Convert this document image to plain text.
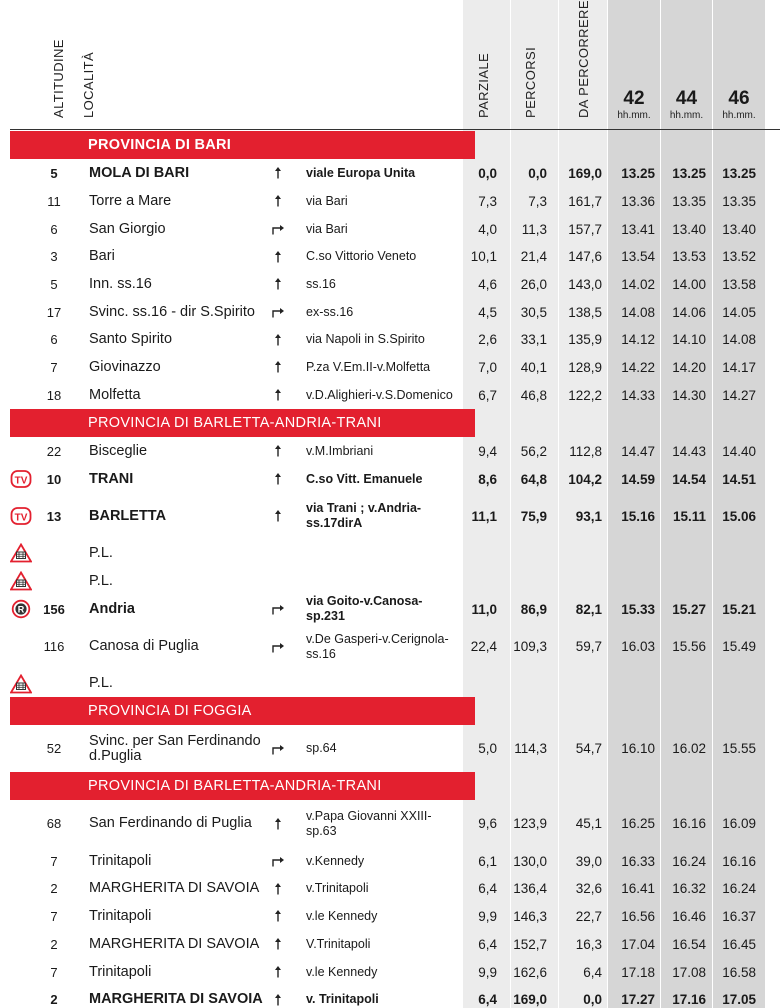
ALTITUDINE LOCALITÀ	PARZIALE PERCORSI	DA PERCORRERE	42
hh.mm.
44
hh.mm.
46
hh.mm.
PROVINCIA DI BARI
5	MOLA DI BARI	viale Europa Unita	0,0	0,0	169,0	13.25	13.25	13.25
11	Torre a Mare	via Bari	7,3	7,3	161,7	13.36	13.35	13.35
6	San Giorgio	via Bari	4,0	11,3	157,7	13.41	13.40	13.40
3	Bari	C.so Vittorio Veneto	10,1	21,4	147,6	13.54	13.53	13.52
5	Inn. ss.16	ss.16	4,6	26,0	143,0	14.02	14.00	13.58
17	Svinc. ss.16 - dir S.Spirito	ex-ss.16	4,5	30,5	138,5	14.08	14.06	14.05
6	Santo Spirito	via Napoli in S.Spirito	2,6	33,1	135,9	14.12	14.10	14.08
7	Giovinazzo	P.za V.Em.II-v.Molfetta	7,0	40,1	128,9	14.22	14.20	14.17
18	Molfetta	v.D.Alighieri-v.S.Domenico	6,7	46,8	122,2	14.33	14.30	14.27
PROVINCIA DI BARLETTA-ANDRIA-TRANI
22	Bisceglie	v.M.Imbriani	9,4	56,2	112,8	14.47	14.43	14.40
TV	10	TRANI	C.so Vitt. Emanuele	8,6	64,8	104,2	14.59	14.54	14.51
TV	13	BARLETTA	via Trani ; v.Andria-ss.17dirA	11,1	75,9	93,1	15.16	15.11	15.06
P.L.
P.L.
R	156	Andria	via Goito-v.Canosa-sp.231	11,0	86,9	82,1	15.33	15.27	15.21
116	Canosa di Puglia	v.De Gasperi-v.Cerignola-ss.16	22,4 109,3	59,7	16.03	15.56	15.49
P.L.
PROVINCIA DI FOGGIA
52	Svinc. per San Ferdinando d.Puglia	sp.64	5,0 114,3	54,7	16.10	16.02	15.55
PROVINCIA DI BARLETTA-ANDRIA-TRANI
68	San Ferdinando di Puglia	v.Papa Giovanni XXIII-sp.63	9,6 123,9	45,1	16.25	16.16	16.09
7	Trinitapoli	v.Kennedy	6,1 130,0	39,0	16.33	16.24	16.16
2	MARGHERITA DI SAVOIA	v.Trinitapoli	6,4 136,4	32,6	16.41	16.32	16.24
7	Trinitapoli	v.le Kennedy	9,9 146,3	22,7	16.56	16.46	16.37
2	MARGHERITA DI SAVOIA	V.Trinitapoli	6,4 152,7	16,3	17.04	16.54	16.45
7	Trinitapoli	v.le Kennedy	9,9 162,6	6,4	17.18	17.08	16.58
2	MARGHERITA DI SAVOIA	v. Trinitapoli	6,4 169,0	0,0	17.27	17.16	17.05
